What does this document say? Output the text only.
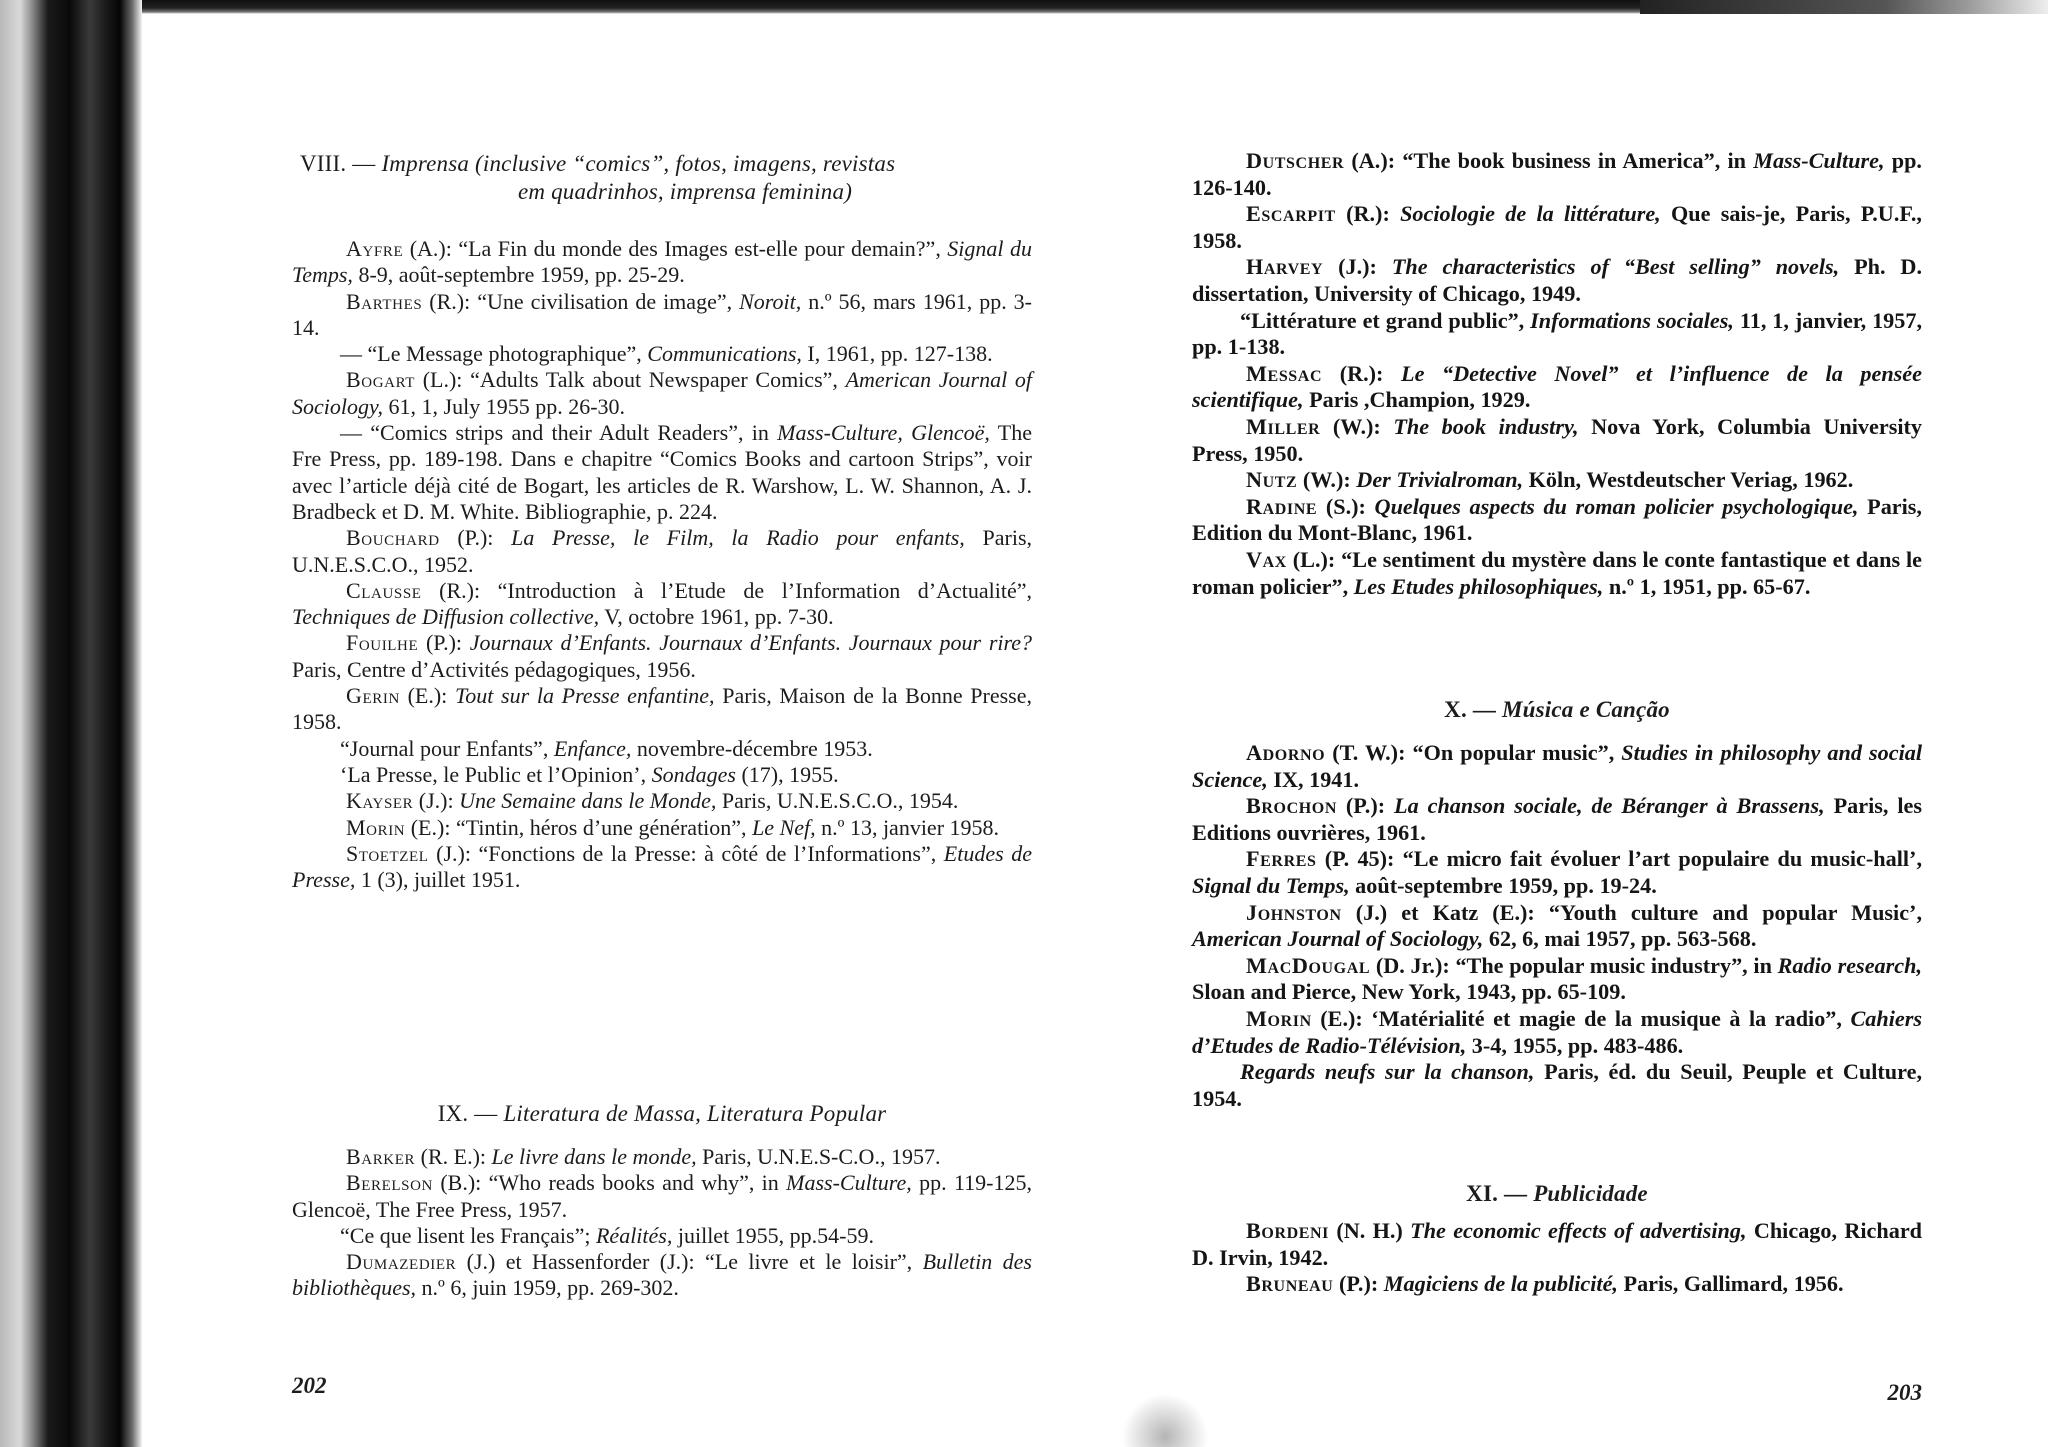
VIII. — Imprensa (inclusive “comics”, fotos, imagens, revistas
em quadrinhos, imprensa feminina)

Ayfre (A.): “La Fin du monde des Images est-elle pour demain?”, Signal du Temps, 8-9, août-septembre 1959, pp. 25-29.

Barthes (R.): “Une civilisation de image”, Noroit, n.º 56, mars 1961, pp. 3-14.

— “Le Message photographique”, Communications, I, 1961, pp. 127-138.

Bogart (L.): “Adults Talk about Newspaper Comics”, American Journal of Sociology, 61, 1, July 1955 pp. 26-30.

— “Comics strips and their Adult Readers”, in Mass-Culture, Glencoë, The Fre Press, pp. 189-198. Dans e chapitre “Comics Books and cartoon Strips”, voir avec l’article déjà cité de Bogart, les articles de R. Warshow, L. W. Shannon, A. J. Bradbeck et D. M. White. Bibliographie, p. 224.

Bouchard (P.): La Presse, le Film, la Radio pour enfants, Paris, U.N.E.S.C.O., 1952.

Clausse (R.): “Introduction à l’Etude de l’Information d’Actualité”, Techniques de Diffusion collective, V, octobre 1961, pp. 7-30.

Fouilhe (P.): Journaux d’Enfants. Journaux d’Enfants. Journaux pour rire? Paris, Centre d’Activités pédagogiques, 1956.

Gerin (E.): Tout sur la Presse enfantine, Paris, Maison de la Bonne Presse, 1958.

“Journal pour Enfants”, Enfance, novembre-décembre 1953.

‘La Presse, le Public et l’Opinion’, Sondages (17), 1955.

Kayser (J.): Une Semaine dans le Monde, Paris, U.N.E.S.C.O., 1954.

Morin (E.): “Tintin, héros d’une génération”, Le Nef, n.º 13, janvier 1958.

Stoetzel (J.): “Fonctions de la Presse: à côté de l’Informations”, Etudes de Presse, 1 (3), juillet 1951.

IX. — Literatura de Massa, Literatura Popular

Barker (R. E.): Le livre dans le monde, Paris, U.N.E.S-C.O., 1957.

Berelson (B.): “Who reads books and why”, in Mass-Culture, pp. 119-125, Glencoë, The Free Press, 1957.

“Ce que lisent les Français”; Réalités, juillet 1955, pp.54-59.

Dumazedier (J.) et Hassenforder (J.): “Le livre et le loisir”, Bulletin des bibliothèques, n.º 6, juin 1959, pp. 269-302.

202

Dutscher (A.): “The book business in America”, in Mass-Culture, pp. 126-140.

Escarpit (R.): Sociologie de la littérature, Que sais-je, Paris, P.U.F., 1958.

Harvey (J.): The characteristics of “Best selling” novels, Ph. D. dissertation, University of Chicago, 1949.

“Littérature et grand public”, Informations sociales, 11, 1, janvier, 1957, pp. 1-138.

Messac (R.): Le “Detective Novel” et l’influence de la pensée scientifique, Paris ,Champion, 1929.

Miller (W.): The book industry, Nova York, Columbia University Press, 1950.

Nutz (W.): Der Trivialroman, Köln, Westdeutscher Veriag, 1962.

Radine (S.): Quelques aspects du roman policier psychologique, Paris, Edition du Mont-Blanc, 1961.

Vax (L.): “Le sentiment du mystère dans le conte fantastique et dans le roman policier”, Les Etudes philosophiques, n.º 1, 1951, pp. 65-67.

X. — Música e Canção

Adorno (T. W.): “On popular music”, Studies in philosophy and social Science, IX, 1941.

Brochon (P.): La chanson sociale, de Béranger à Brassens, Paris, les Editions ouvrières, 1961.

Ferres (P. 45): “Le micro fait évoluer l’art populaire du music-hall’, Signal du Temps, août-septembre 1959, pp. 19-24.

Johnston (J.) et Katz (E.): “Youth culture and popular Music’, American Journal of Sociology, 62, 6, mai 1957, pp. 563-568.

MacDougal (D. Jr.): “The popular music industry”, in Radio research, Sloan and Pierce, New York, 1943, pp. 65-109.

Morin (E.): ‘Matérialité et magie de la musique à la radio”, Cahiers d’Etudes de Radio-Télévision, 3-4, 1955, pp. 483-486.

Regards neufs sur la chanson, Paris, éd. du Seuil, Peuple et Culture, 1954.

XI. — Publicidade

Bordeni (N. H.) The economic effects of advertising, Chicago, Richard D. Irvin, 1942.

Bruneau (P.): Magiciens de la publicité, Paris, Gallimard, 1956.

203
